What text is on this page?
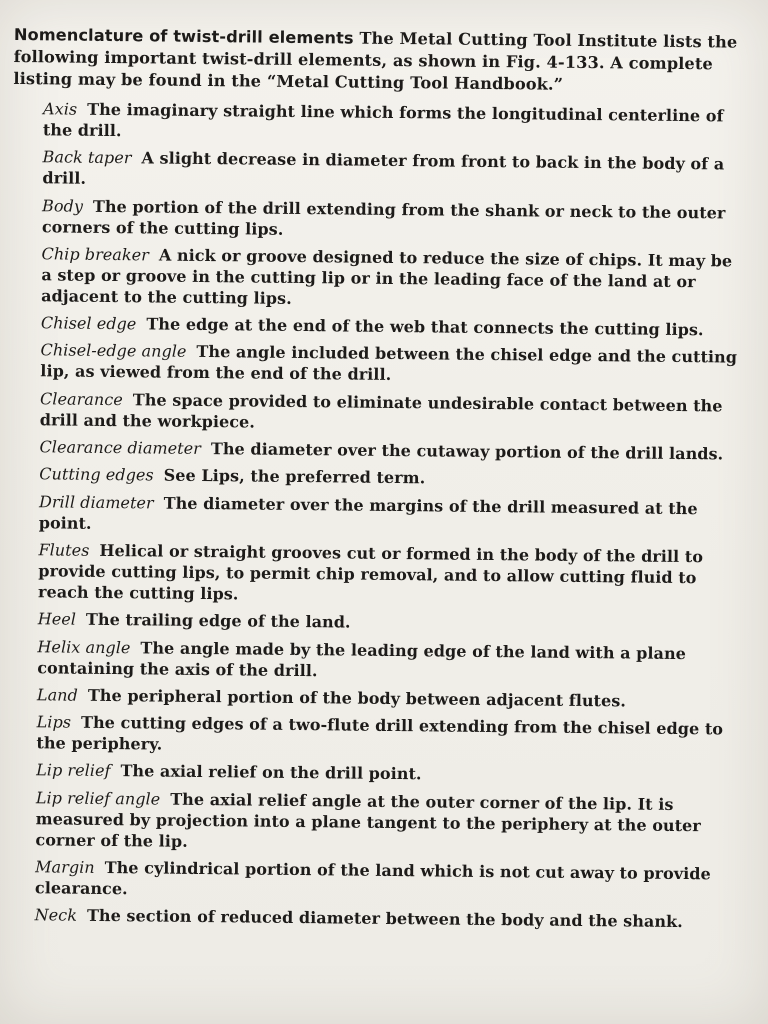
Nomenclature of twist-drill elements The Metal Cutting Tool Institute lists the following important twist-drill elements, as shown in Fig. 4-133. A complete listing may be found in the “Metal Cutting Tool Handbook.”

Axis The imaginary straight line which forms the longitudinal centerline of the drill.
Back taper A slight decrease in diameter from front to back in the body of a drill.
Body The portion of the drill extending from the shank or neck to the outer corners of the cutting lips.
Chip breaker A nick or groove designed to reduce the size of chips. It may be a step or groove in the cutting lip or in the leading face of the land at or adjacent to the cutting lips.
Chisel edge The edge at the end of the web that connects the cutting lips.
Chisel-edge angle The angle included between the chisel edge and the cutting lip, as viewed from the end of the drill.
Clearance The space provided to eliminate undesirable contact between the drill and the workpiece.
Clearance diameter The diameter over the cutaway portion of the drill lands.
Cutting edges See Lips, the preferred term.
Drill diameter The diameter over the margins of the drill measured at the point.
Flutes Helical or straight grooves cut or formed in the body of the drill to provide cutting lips, to permit chip removal, and to allow cutting fluid to reach the cutting lips.
Heel The trailing edge of the land.
Helix angle The angle made by the leading edge of the land with a plane containing the axis of the drill.
Land The peripheral portion of the body between adjacent flutes.
Lips The cutting edges of a two-flute drill extending from the chisel edge to the periphery.
Lip relief The axial relief on the drill point.
Lip relief angle The axial relief angle at the outer corner of the lip. It is measured by projection into a plane tangent to the periphery at the outer corner of the lip.
Margin The cylindrical portion of the land which is not cut away to provide clearance.
Neck The section of reduced diameter between the body and the shank.
